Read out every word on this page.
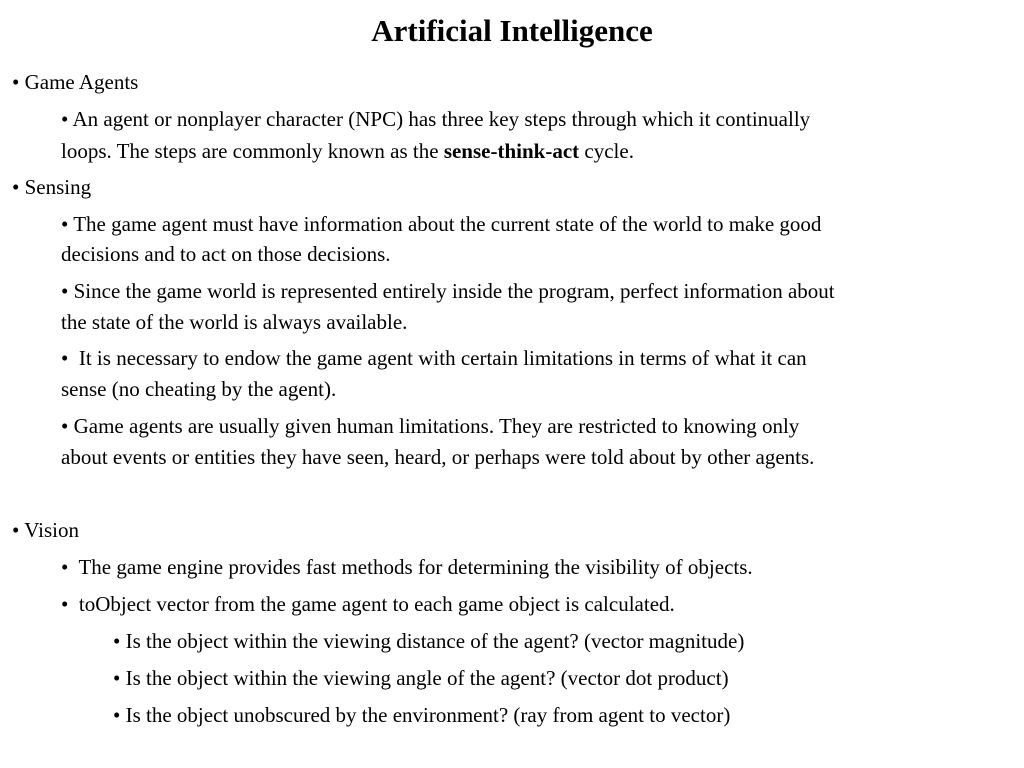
Artificial Intelligence
• Game Agents
• An agent or nonplayer character (NPC) has three key steps through which it continually
loops. The steps are commonly known as the sense-think-act cycle.
• Sensing
• The game agent must have information about the current state of the world to make good
decisions and to act on those decisions.
• Since the game world is represented entirely inside the program, perfect information about
the state of the world is always available.
•  It is necessary to endow the game agent with certain limitations in terms of what it can
sense (no cheating by the agent).
• Game agents are usually given human limitations. They are restricted to knowing only
about events or entities they have seen, heard, or perhaps were told about by other agents.
• Vision
•  The game engine provides fast methods for determining the visibility of objects.
•  toObject vector from the game agent to each game object is calculated.
• Is the object within the viewing distance of the agent? (vector magnitude)
• Is the object within the viewing angle of the agent? (vector dot product)
• Is the object unobscured by the environment? (ray from agent to vector)
